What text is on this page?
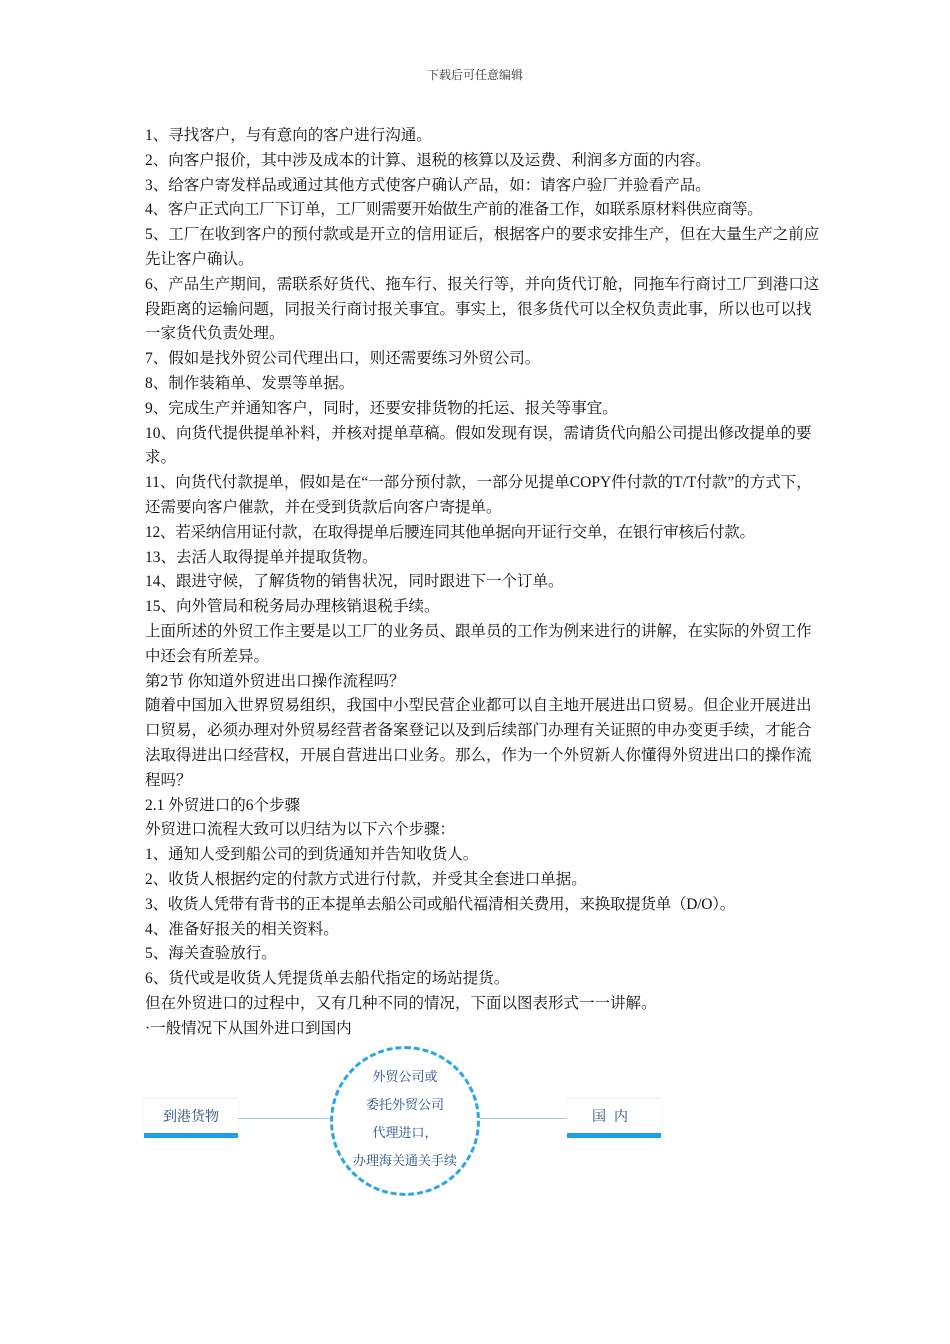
下载后可任意编辑

1、寻找客户，与有意向的客户进行沟通。

2、向客户报价，其中涉及成本的计算、退税的核算以及运费、利润多方面的内容。

3、给客户寄发样品或通过其他方式使客户确认产品，如：请客户验厂并验看产品。

4、客户正式向工厂下订单，工厂则需要开始做生产前的准备工作，如联系原材料供应商等。

5、工厂在收到客户的预付款或是开立的信用证后，根据客户的要求安排生产，但在大量生产之前应先让客户确认。

6、产品生产期间，需联系好货代、拖车行、报关行等，并向货代订舱，同拖车行商讨工厂到港口这段距离的运输问题，同报关行商讨报关事宜。事实上，很多货代可以全权负责此事，所以也可以找一家货代负责处理。

7、假如是找外贸公司代理出口，则还需要练习外贸公司。

8、制作装箱单、发票等单据。

9、完成生产并通知客户，同时，还要安排货物的托运、报关等事宜。

10、向货代提供提单补料，并核对提单草稿。假如发现有误，需请货代向船公司提出修改提单的要求。

11、向货代付款提单，假如是在“一部分预付款，一部分见提单COPY件付款的T/T付款”的方式下，还需要向客户催款，并在受到货款后向客户寄提单。

12、若采纳信用证付款，在取得提单后腰连同其他单据向开证行交单，在银行审核后付款。

13、去活人取得提单并提取货物。

14、跟进守候，了解货物的销售状况，同时跟进下一个订单。

15、向外管局和税务局办理核销退税手续。

上面所述的外贸工作主要是以工厂的业务员、跟单员的工作为例来进行的讲解，在实际的外贸工作中还会有所差异。

第2节 你知道外贸进出口操作流程吗？

随着中国加入世界贸易组织，我国中小型民营企业都可以自主地开展进出口贸易。但企业开展进出口贸易，必须办理对外贸易经营者备案登记以及到后续部门办理有关证照的申办变更手续，才能合法取得进出口经营权，开展自营进出口业务。那么，作为一个外贸新人你懂得外贸进出口的操作流程吗？

2.1 外贸进口的6个步骤

外贸进口流程大致可以归结为以下六个步骤：

1、通知人受到船公司的到货通知并告知收货人。

2、收货人根据约定的付款方式进行付款，并受其全套进口单据。

3、收货人凭带有背书的正本提单去船公司或船代福清相关费用，来换取提货单（D/O）。

4、准备好报关的相关资料。

5、海关查验放行。

6、货代或是收货人凭提货单去船代指定的场站提货。

但在外贸进口的过程中，又有几种不同的情况，下面以图表形式一一讲解。

·一般情况下从国外进口到国内

到港货物	国内
外贸公司或
委托外贸公司
代理进口，
办理海关通关手续
